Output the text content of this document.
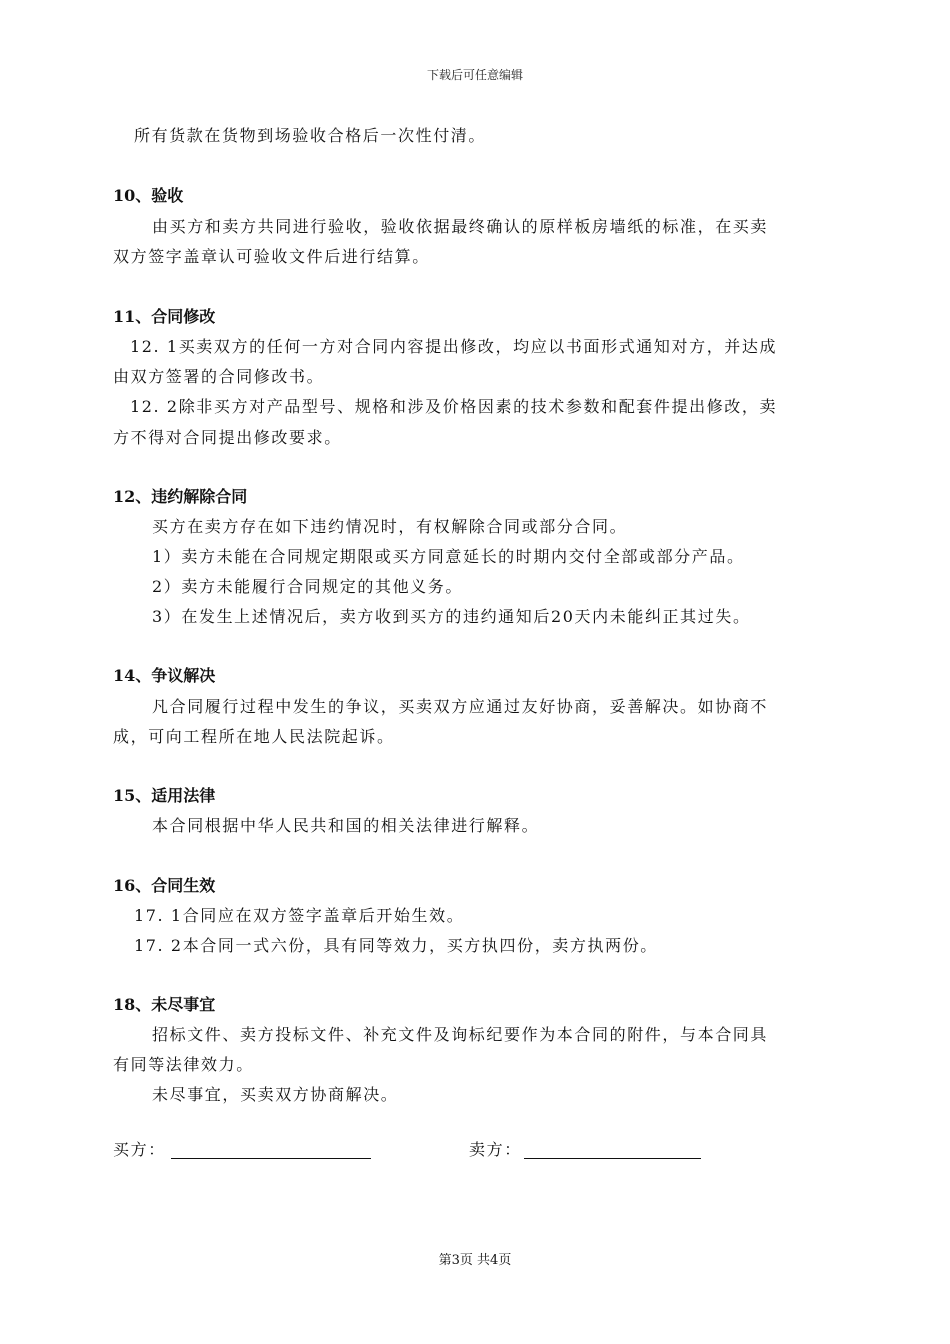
下载后可任意编辑
所有货款在货物到场验收合格后一次性付清。
10、验收
由买方和卖方共同进行验收，验收依据最终确认的原样板房墙纸的标准，在买卖
双方签字盖章认可验收文件后进行结算。
11、合同修改
12. 1买卖双方的任何一方对合同内容提出修改，均应以书面形式通知对方，并达成
由双方签署的合同修改书。
12. 2除非买方对产品型号、规格和涉及价格因素的技术参数和配套件提出修改，卖
方不得对合同提出修改要求。
12、违约解除合同
买方在卖方存在如下违约情况时，有权解除合同或部分合同。
1）卖方未能在合同规定期限或买方同意延长的时期内交付全部或部分产品。
2）卖方未能履行合同规定的其他义务。
3）在发生上述情况后，卖方收到买方的违约通知后20天内未能纠正其过失。
14、争议解决
凡合同履行过程中发生的争议，买卖双方应通过友好协商，妥善解决。如协商不
成，可向工程所在地人民法院起诉。
15、适用法律
本合同根据中华人民共和国的相关法律进行解释。
16、合同生效
17. 1合同应在双方签字盖章后开始生效。
17. 2本合同一式六份，具有同等效力，买方执四份，卖方执两份。
18、未尽事宜
招标文件、卖方投标文件、补充文件及询标纪要作为本合同的附件，与本合同具
有同等法律效力。
未尽事宜，买卖双方协商解决。
买方：	卖方：
第3页 共4页
